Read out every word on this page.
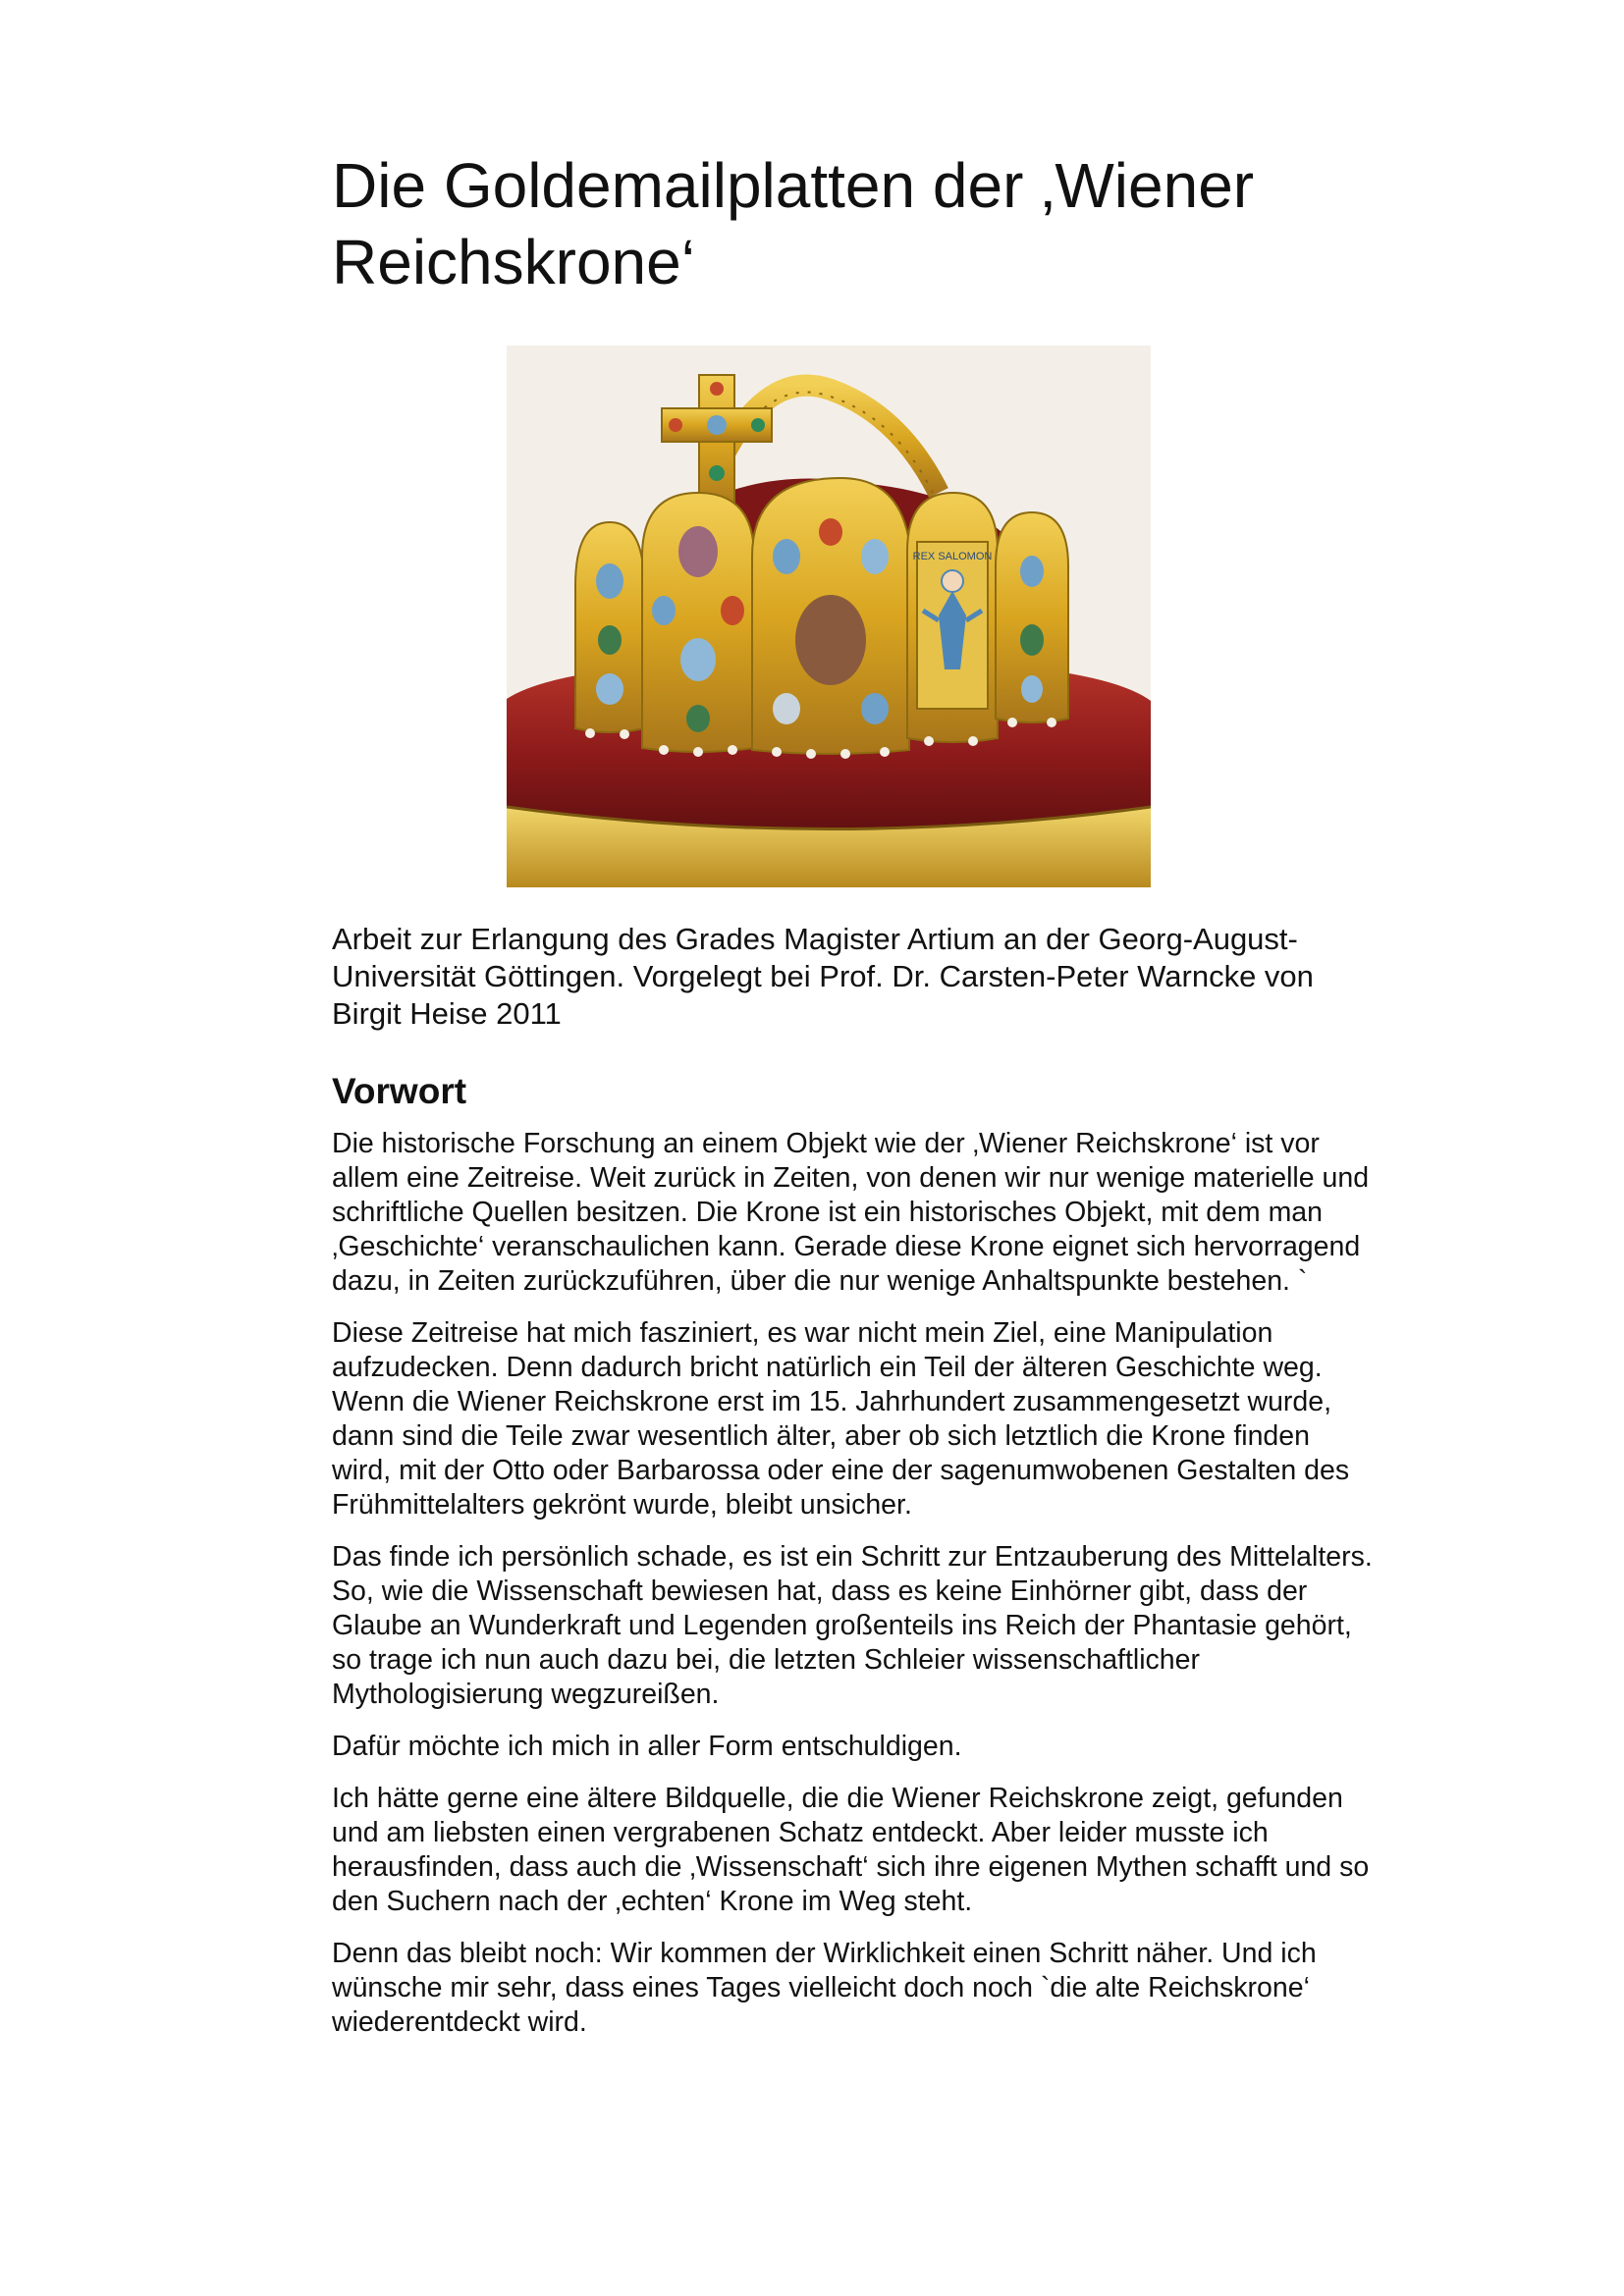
Die Goldemailplatten der ‚Wiener Reichskrone‘
REX SALOMON

Arbeit zur Erlangung des Grades Magister Artium an der Georg-August-Universität Göttingen. Vorgelegt bei Prof. Dr. Carsten-Peter Warncke von Birgit Heise 2011

Vorwort

Die historische Forschung an einem Objekt wie der ‚Wiener Reichskrone‘ ist vor allem eine Zeitreise. Weit zurück in Zeiten, von denen wir nur wenige materielle und schriftliche Quellen besitzen. Die Krone ist ein historisches Objekt, mit dem man ‚Geschichte‘ veranschaulichen kann. Gerade diese Krone eignet sich hervorragend dazu, in Zeiten zurückzuführen, über die nur wenige Anhaltspunkte bestehen. `

Diese Zeitreise hat mich fasziniert, es war nicht mein Ziel, eine Manipulation aufzudecken. Denn dadurch bricht natürlich ein Teil der älteren Geschichte weg. Wenn die Wiener Reichskrone erst im 15. Jahrhundert zusammengesetzt wurde, dann sind die Teile zwar wesentlich älter, aber ob sich letztlich die Krone finden wird, mit der Otto oder Barbarossa oder eine der sagenumwobenen Gestalten des Frühmittelalters gekrönt wurde, bleibt unsicher.

Das finde ich persönlich schade, es ist ein Schritt zur Entzauberung des Mittelalters. So, wie die Wissenschaft bewiesen hat, dass es keine Einhörner gibt, dass der Glaube an Wunderkraft und Legenden großenteils ins Reich der Phantasie gehört, so trage ich nun auch dazu bei, die letzten Schleier wissenschaftlicher Mythologisierung wegzureißen.

Dafür möchte ich mich in aller Form entschuldigen.

Ich hätte gerne eine ältere Bildquelle, die die Wiener Reichskrone zeigt, gefunden und am liebsten einen vergrabenen Schatz entdeckt. Aber leider musste ich herausfinden, dass auch die ‚Wissenschaft‘ sich ihre eigenen Mythen schafft und so den Suchern nach der ‚echten‘ Krone im Weg steht.

Denn das bleibt noch: Wir kommen der Wirklichkeit einen Schritt näher. Und ich wünsche mir sehr, dass eines Tages vielleicht doch noch `die alte Reichskrone‘ wiederentdeckt wird.
